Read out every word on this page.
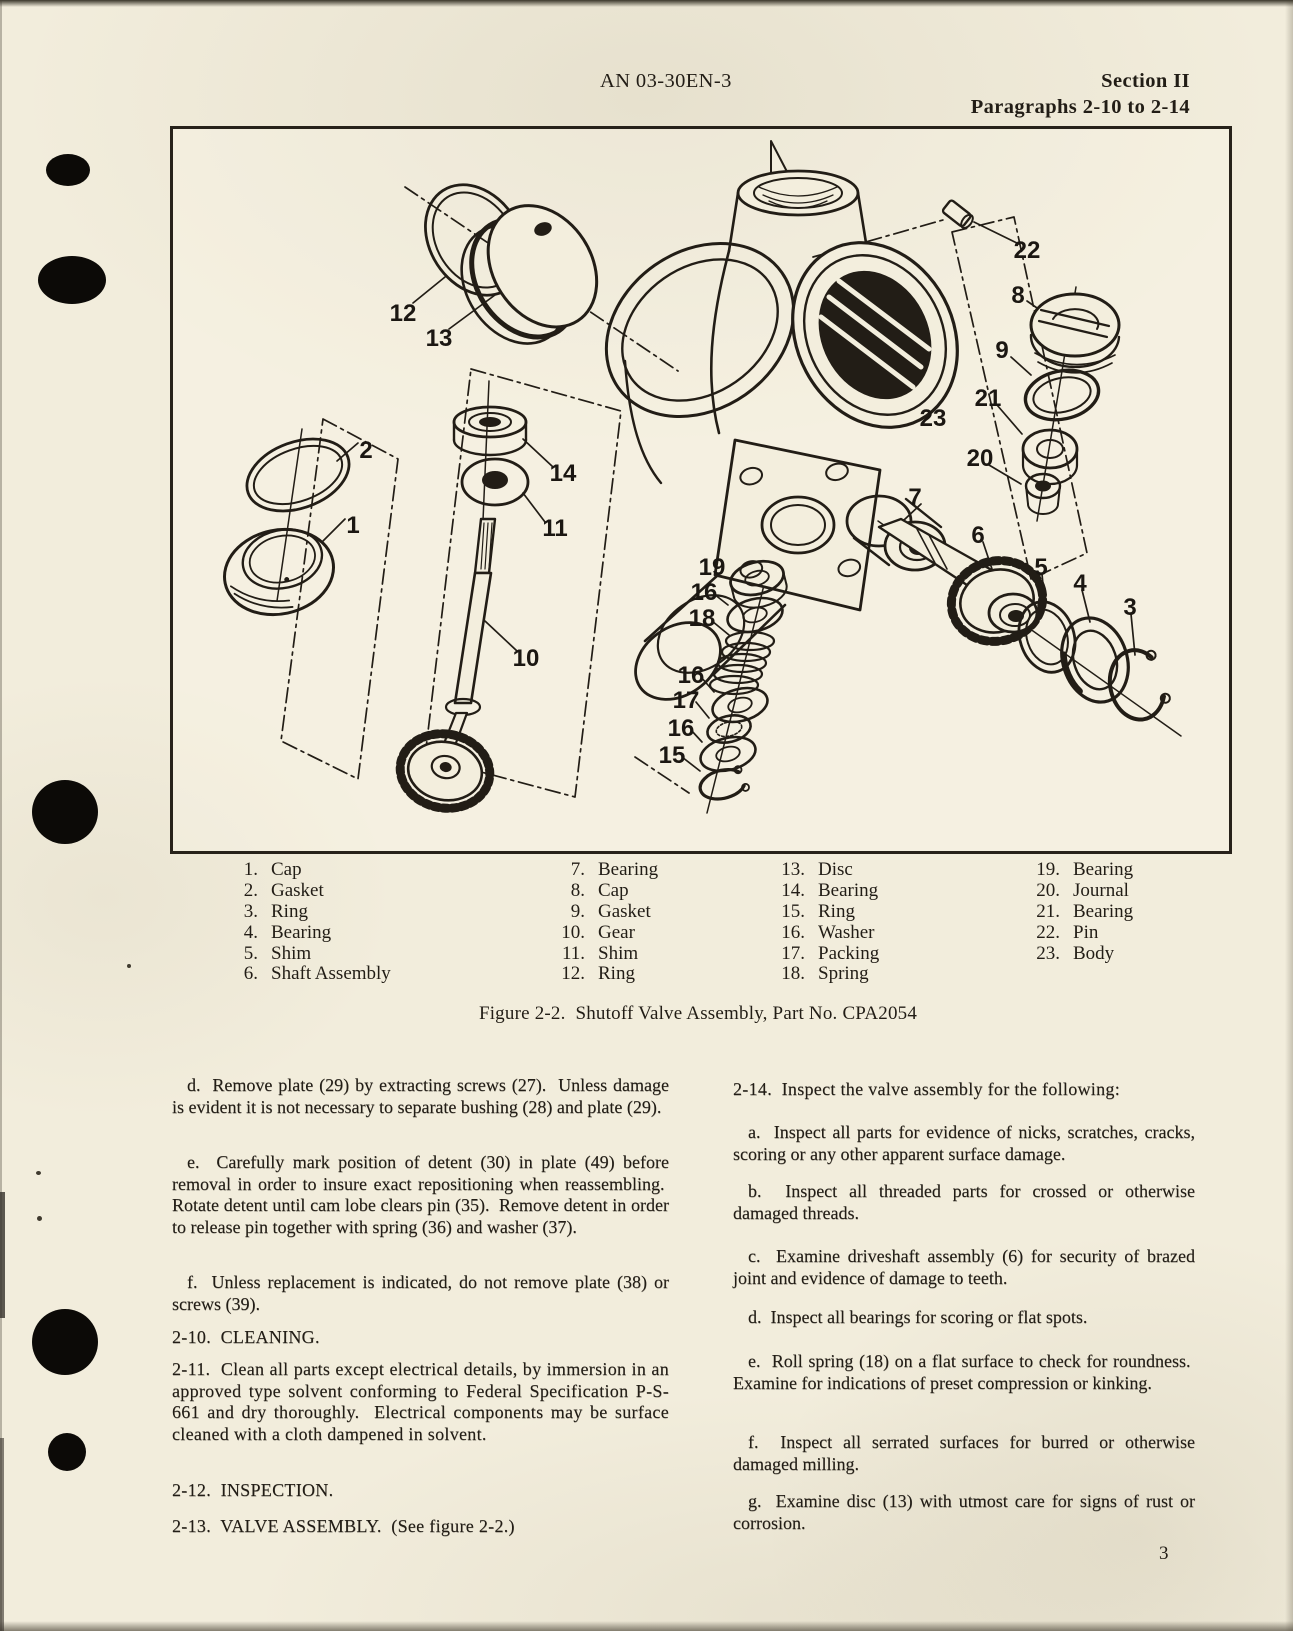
AN 03-30EN-3	Section II
Paragraphs 2-10 to 2-14
12
13
2
1
14
11
10
22
8
9
21
20
23
19
16
18
16
17
16
15
7
6
5
4
3
1. Cap
2. Gasket
3. Ring
4. Bearing
5. Shim
6. Shaft Assembly
7. Bearing
8. Cap
9. Gasket
10. Gear
11. Shim
12. Ring
13. Disc
14. Bearing
15. Ring
16. Washer
17. Packing
18. Spring
19. Bearing
20. Journal
21. Bearing
22. Pin
23. Body
Figure 2-2.  Shutoff Valve Assembly, Part No. CPA2054
d.  Remove plate (29) by extracting screws (27).  Unless damage is evident it is not necessary to separate bushing (28) and plate (29).
e.  Carefully mark position of detent (30) in plate (49) before removal in order to insure exact repositioning when reassembling.  Rotate detent until cam lobe clears pin (35).  Remove detent in order to release pin together with spring (36) and washer (37).
f.  Unless replacement is indicated, do not remove plate (38) or screws (39).
2-10.  CLEANING.
2-11.  Clean all parts except electrical details, by immersion in an approved type solvent conforming to Federal Specification P-S-661 and dry thoroughly.  Electrical components may be surface cleaned with a cloth dampened in solvent.
2-12.  INSPECTION.
2-13.  VALVE ASSEMBLY.  (See figure 2-2.)
2-14.  Inspect the valve assembly for the following:
a.  Inspect all parts for evidence of nicks, scratches, cracks, scoring or any other apparent surface damage.
b.  Inspect all threaded parts for crossed or otherwise damaged threads.
c.  Examine driveshaft assembly (6) for security of brazed joint and evidence of damage to teeth.
d.  Inspect all bearings for scoring or flat spots.
e.  Roll spring (18) on a flat surface to check for roundness.  Examine for indications of preset compression or kinking.
f.  Inspect all serrated surfaces for burred or otherwise damaged milling.
g.  Examine disc (13) with utmost care for signs of rust or corrosion.
3
